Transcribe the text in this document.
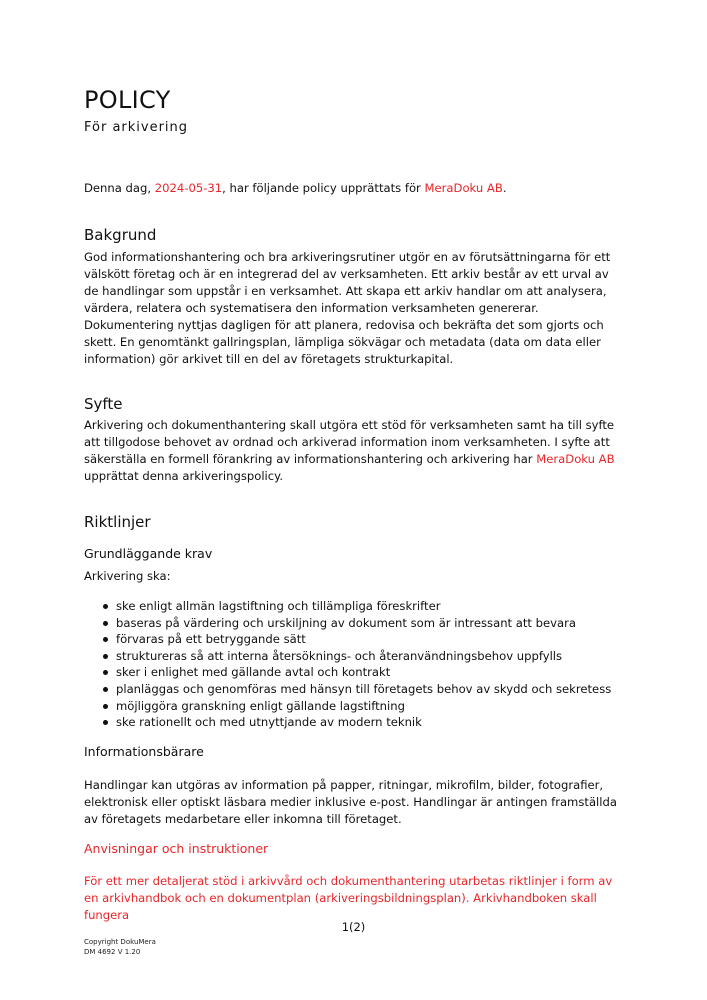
POLICY
För arkivering
Denna dag, 2024-05-31, har följande policy upprättats för MeraDoku AB.
Bakgrund
God informationshantering och bra arkiveringsrutiner utgör en av förutsättningarna för ett välskött företag och är en integrerad del av verksamheten. Ett arkiv består av ett urval av de handlingar som uppstår i en verksamhet. Att skapa ett arkiv handlar om att analysera, värdera, relatera och systematisera den information verksamheten genererar. Dokumentering nyttjas dagligen för att planera, redovisa och bekräfta det som gjorts och skett. En genomtänkt gallringsplan, lämpliga sökvägar och metadata (data om data eller information) gör arkivet till en del av företagets strukturkapital.
Syfte
Arkivering och dokumenthantering skall utgöra ett stöd för verksamheten samt ha till syfte att tillgodose behovet av ordnad och arkiverad information inom verksamheten. I syfte att säkerställa en formell förankring av informationshantering och arkivering har MeraDoku AB upprättat denna arkiveringspolicy.
Riktlinjer
Grundläggande krav
Arkivering ska:
ske enligt allmän lagstiftning och tillämpliga föreskrifter
baseras på värdering och urskiljning av dokument som är intressant att bevara
förvaras på ett betryggande sätt
struktureras så att interna återsöknings- och återanvändningsbehov uppfylls
sker i enlighet med gällande avtal och kontrakt
planläggas och genomföras med hänsyn till företagets behov av skydd och sekretess
möjliggöra granskning enligt gällande lagstiftning
ske rationellt och med utnyttjande av modern teknik
Informationsbärare
Handlingar kan utgöras av information på papper, ritningar, mikrofilm, bilder, fotografier, elektronisk eller optiskt läsbara medier inklusive e-post. Handlingar är antingen framställda av företagets medarbetare eller inkomna till företaget.
Anvisningar och instruktioner
För ett mer detaljerat stöd i arkivvård och dokumenthantering utarbetas riktlinjer i form av en arkivhandbok och en dokumentplan (arkiveringsbildningsplan). Arkivhandboken skall fungera
1(2)
Copyright DokuMera
DM 4692 V 1.20
